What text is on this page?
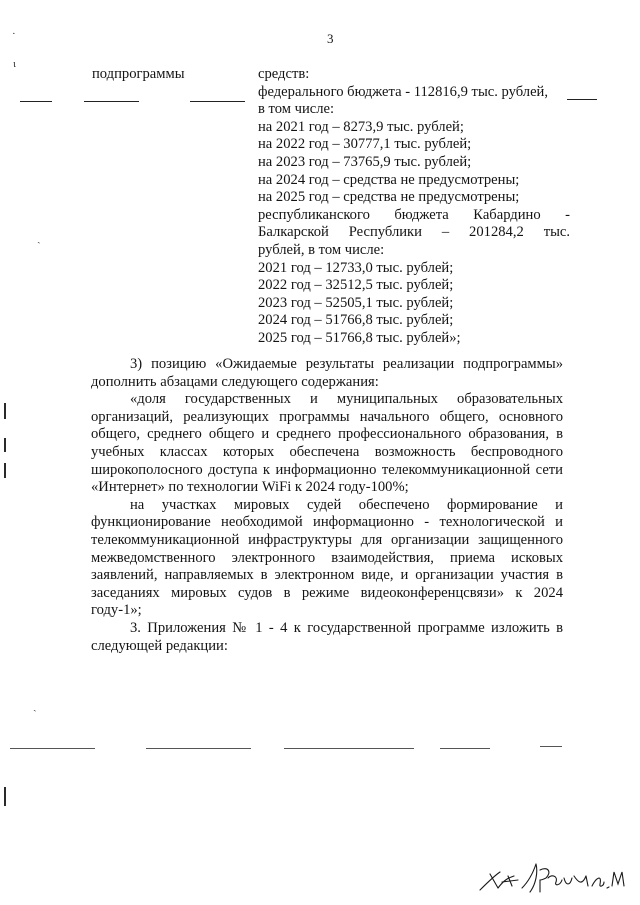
3
·
ι
ˎ
ˎ
подпрограммы	средств:
федерального бюджета - 112816,9 тыс. рублей,
в том числе:
на 2021 год – 8273,9 тыс. рублей;
на 2022 год – 30777,1 тыс. рублей;
на 2023 год – 73765,9 тыс. рублей;
на 2024 год – средства не предусмотрены;
на 2025 год – средства не предусмотрены;
республиканского бюджета Кабардино -
Балкарской Республики – 201284,2 тыс.
рублей, в том числе:
2021 год – 12733,0 тыс. рублей;
2022 год – 32512,5 тыс. рублей;
2023 год – 52505,1 тыс. рублей;
2024 год – 51766,8 тыс. рублей;
2025 год – 51766,8 тыс. рублей»;
3) позицию «Ожидаемые результаты реализации подпрограммы» дополнить абзацами следующего содержания:
«доля государственных и муниципальных образовательных организаций, реализующих программы начального общего, основного общего, среднего общего и среднего профессионального образования, в учебных классах которых обеспечена возможность беспроводного широкополосного доступа к информационно телекоммуникационной сети «Интернет» по технологии WiFi к 2024 году-100%;
на участках мировых судей обеспечено формирование и функционирование необходимой информационно - технологической и телекоммуникационной инфраструктуры для организации защищенного межведомственного электронного взаимодействия, приема исковых заявлений, направляемых в электронном виде, и организации участия в заседаниях мировых судов в режиме видеоконференцсвязи» к 2024 году-1»;
3. Приложения № 1 - 4 к государственной программе изложить в следующей редакции:
